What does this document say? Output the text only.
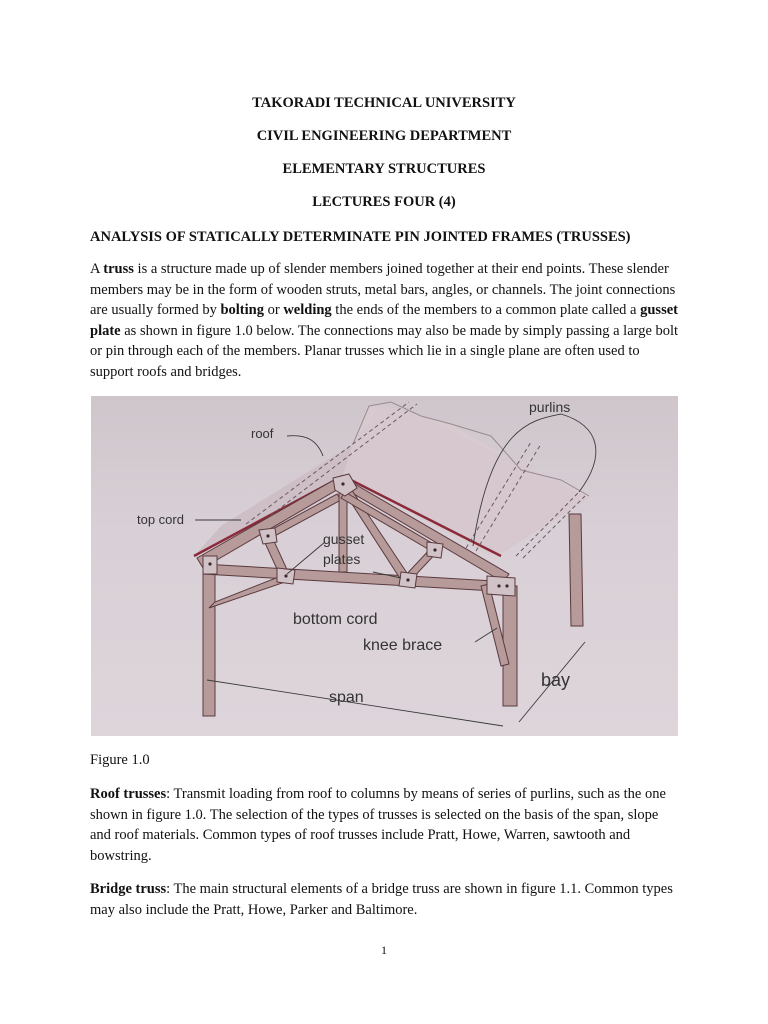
TAKORADI TECHNICAL UNIVERSITY
CIVIL ENGINEERING DEPARTMENT
ELEMENTARY STRUCTURES
LECTURES FOUR (4)
ANALYSIS OF STATICALLY DETERMINATE PIN JOINTED FRAMES (TRUSSES)
A truss is a structure made up of slender members joined together at their end points. These slender members may be in the form of wooden struts, metal bars, angles, or channels. The joint connections are usually formed by bolting or welding the ends of the members to a common plate called a gusset plate as shown in figure 1.0 below. The connections may also be made by simply passing a large bolt or pin through each of the members. Planar trusses which lie in a single plane are often used to support roofs and bridges.
purlins
roof
top cord
gusset
plates
bottom cord
knee brace
bay
span
Figure 1.0
Roof trusses: Transmit loading from roof to columns by means of series of purlins, such as the one shown in figure 1.0. The selection of the types of trusses is selected on the basis of the span, slope and roof materials. Common types of roof trusses include Pratt, Howe, Warren, sawtooth and bowstring.
Bridge truss: The main structural elements of a bridge truss are shown in figure 1.1. Common types may also include the Pratt, Howe, Parker and Baltimore.
1
